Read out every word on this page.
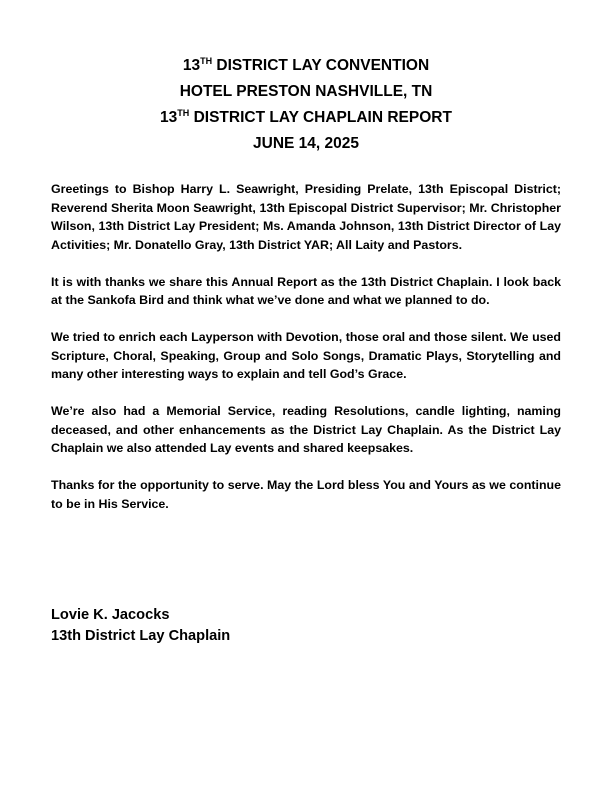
13TH DISTRICT LAY CONVENTION
HOTEL PRESTON NASHVILLE, TN
13TH DISTRICT LAY CHAPLAIN REPORT
JUNE 14, 2025

Greetings to Bishop Harry L. Seawright, Presiding Prelate, 13th Episcopal District; Reverend Sherita Moon Seawright, 13th Episcopal District Supervisor; Mr. Christopher Wilson, 13th District Lay President; Ms. Amanda Johnson, 13th District Director of Lay Activities; Mr. Donatello Gray, 13th District YAR; All Laity and Pastors.

It is with thanks we share this Annual Report as the 13th District Chaplain. I look back at the Sankofa Bird and think what we’ve done and what we planned to do.

We tried to enrich each Layperson with Devotion, those oral and those silent. We used Scripture, Choral, Speaking, Group and Solo Songs, Dramatic Plays, Storytelling and many other interesting ways to explain and tell God’s Grace.

We’re also had a Memorial Service, reading Resolutions, candle lighting, naming deceased, and other enhancements as the District Lay Chaplain. As the District Lay Chaplain we also attended Lay events and shared keepsakes.

Thanks for the opportunity to serve. May the Lord bless You and Yours as we continue to be in His Service.

Lovie K. Jacocks
13th District Lay Chaplain
